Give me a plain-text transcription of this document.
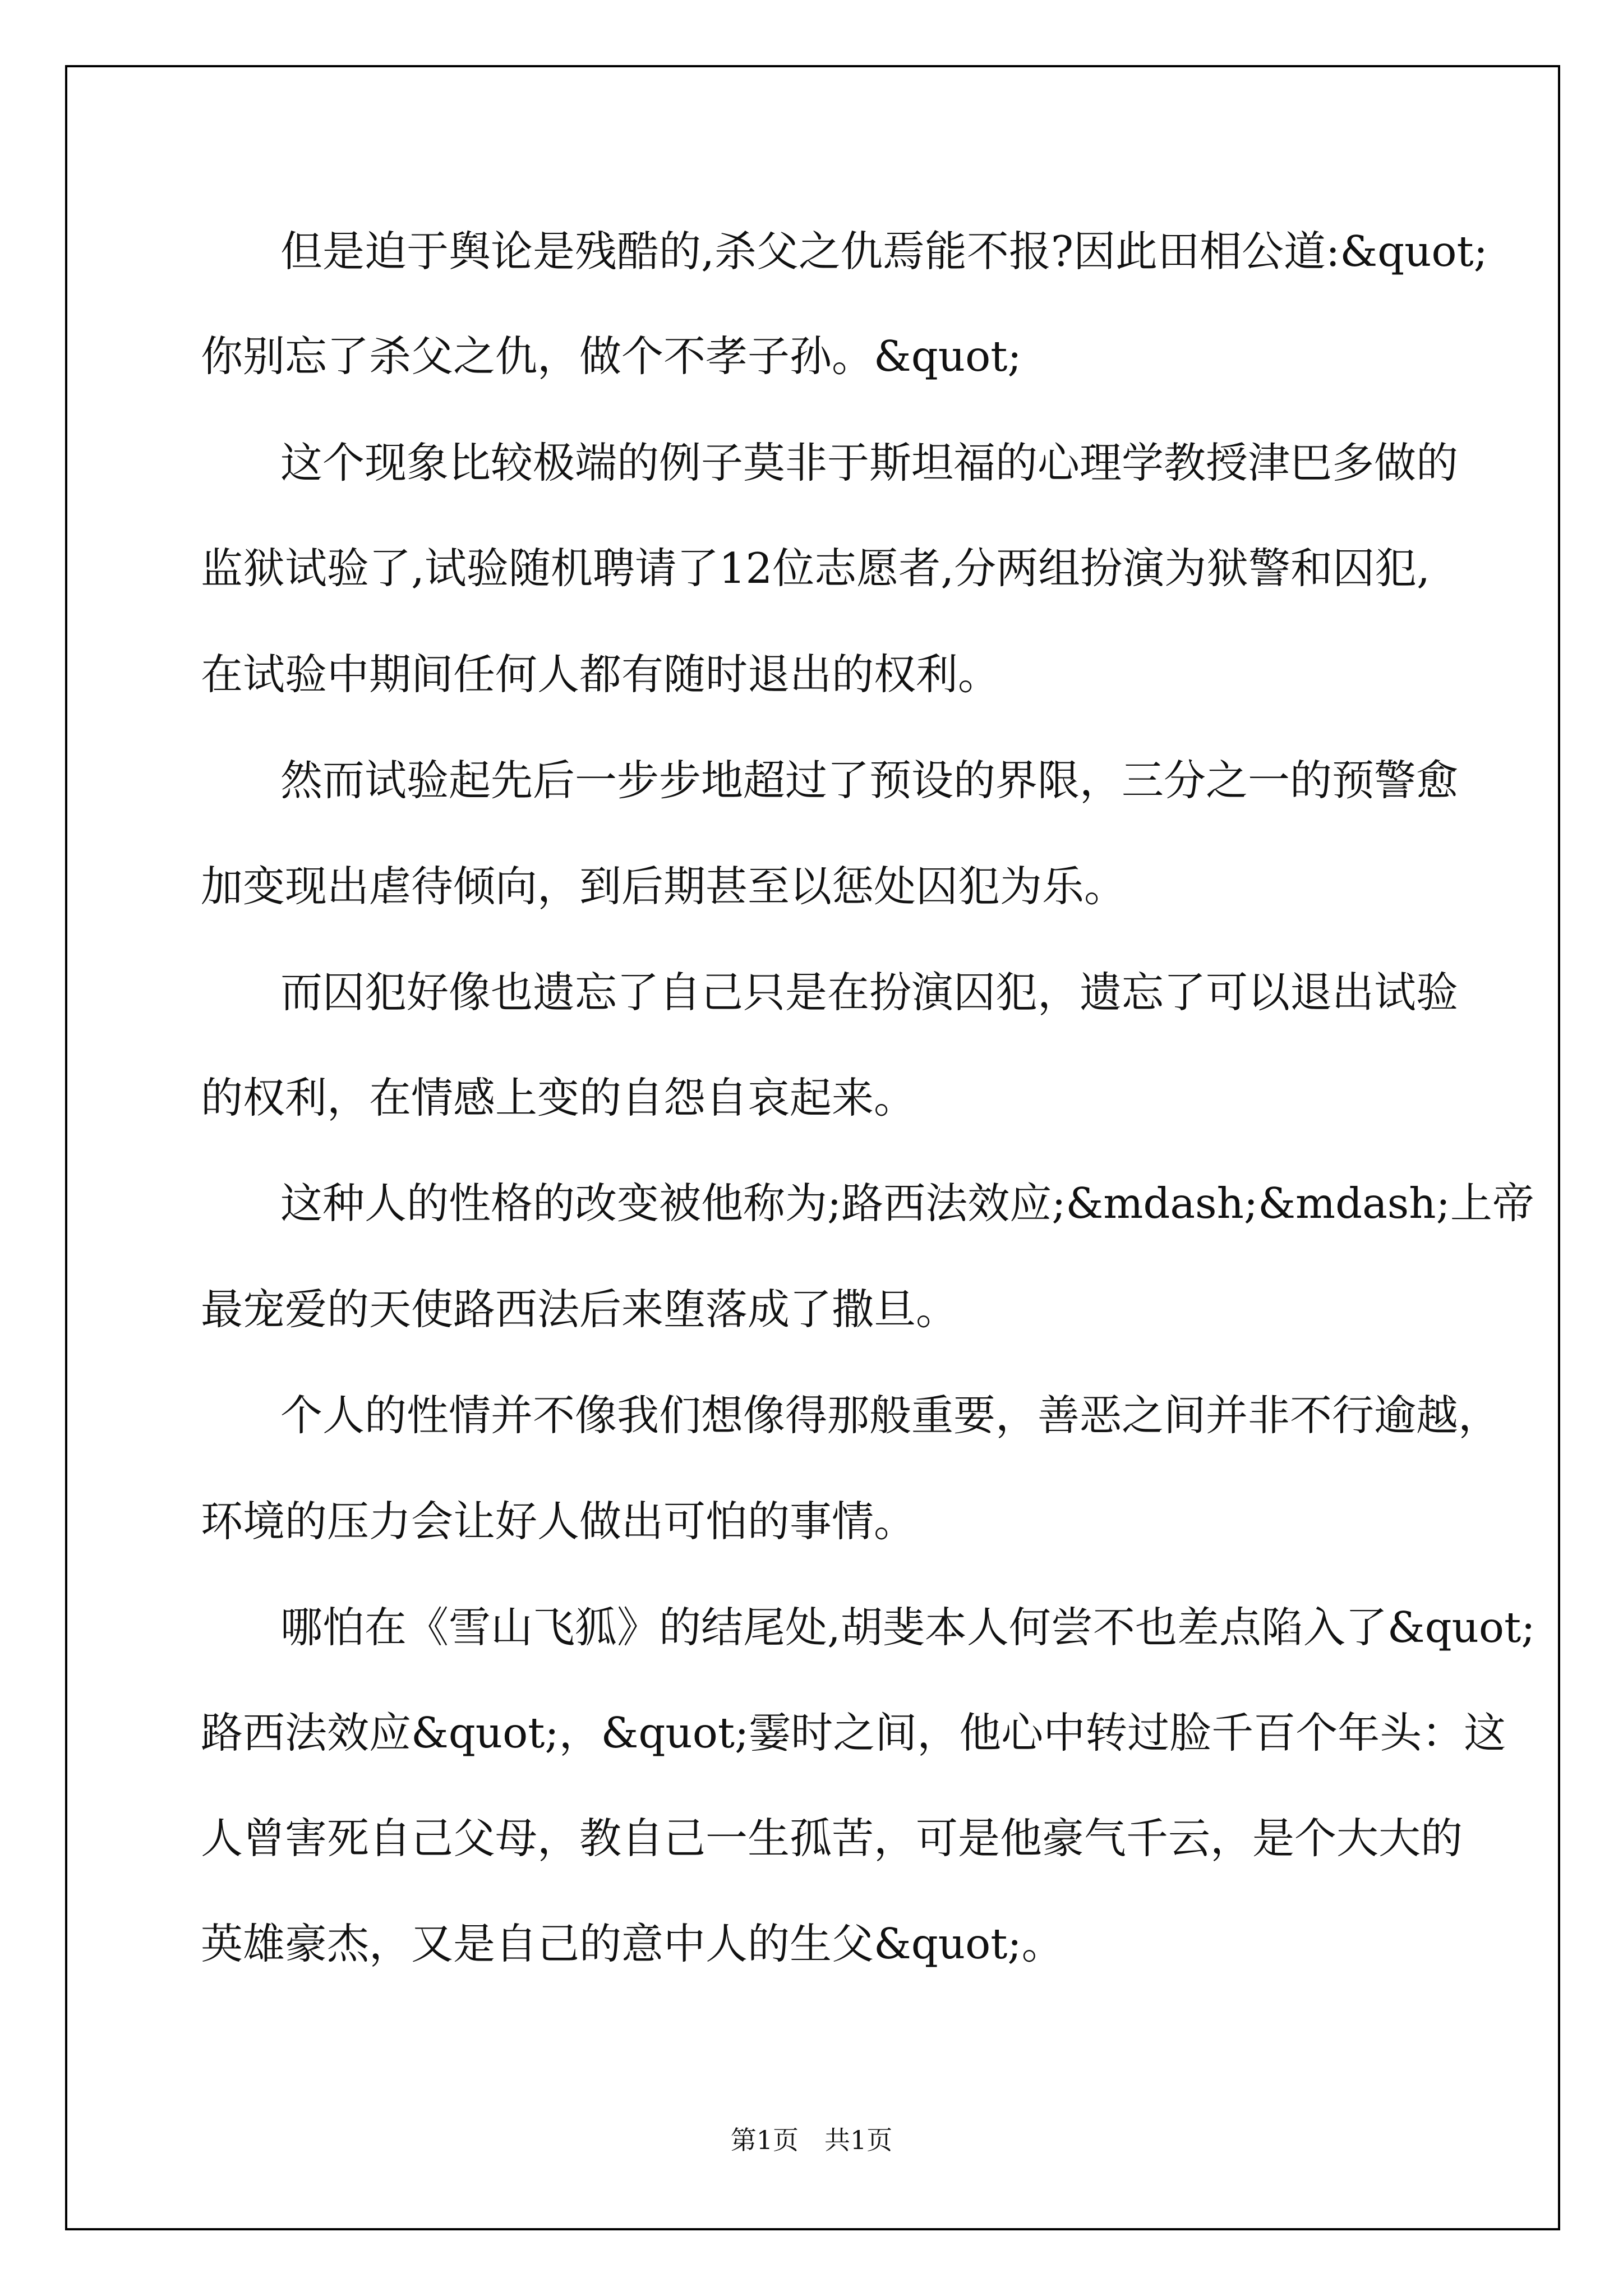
但是迫于舆论是残酷的,杀父之仇焉能不报?因此田相公道:&quot;

你别忘了杀父之仇，做个不孝子孙。&quot;

这个现象比较极端的例子莫非于斯坦福的心理学教授津巴多做的

监狱试验了,试验随机聘请了12位志愿者,分两组扮演为狱警和囚犯,

在试验中期间任何人都有随时退出的权利。

然而试验起先后一步步地超过了预设的界限，三分之一的预警愈

加变现出虐待倾向，到后期甚至以惩处囚犯为乐。

而囚犯好像也遗忘了自己只是在扮演囚犯，遗忘了可以退出试验

的权利，在情感上变的自怨自哀起来。

这种人的性格的改变被他称为;路西法效应;&mdash;&mdash;上帝

最宠爱的天使路西法后来堕落成了撒旦。

个人的性情并不像我们想像得那般重要，善恶之间并非不行逾越，

环境的压力会让好人做出可怕的事情。

哪怕在《雪山飞狐》的结尾处,胡斐本人何尝不也差点陷入了&quot;

路西法效应&quot;，&quot;霎时之间，他心中转过脸千百个年头：这

人曾害死自己父母，教自己一生孤苦，可是他豪气千云，是个大大的

英雄豪杰，又是自己的意中人的生父&quot;。

第1页　共1页
